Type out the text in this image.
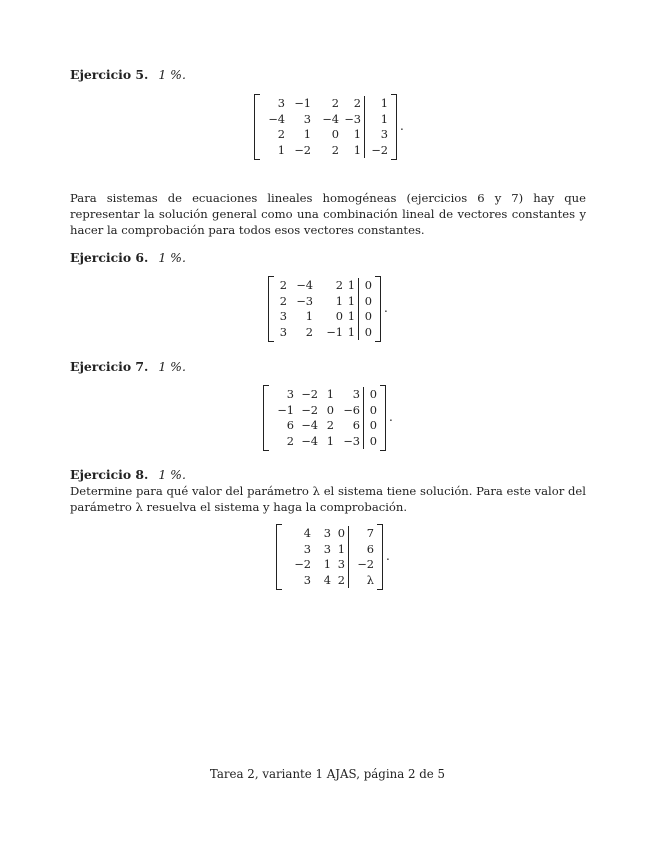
Ejercicio 5. 1 %.
3
−4
2
1
−1
3
1
−2
2
−4
0
2
2
−3
1
1
1
1
3
−2
.
Para sistemas de ecuaciones lineales homogéneas (ejercicios 6 y 7) hay que representar la solución general como una combinación lineal de vectores constantes y hacer la comprobación para todos esos vectores constantes.
Ejercicio 6. 1 %.
2
2
3
3
−4
−3
1
2
2
1
0
−1
1
1
1
1
0
0
0
0
.
Ejercicio 7. 1 %.
3
−1
6
2
−2
−2
−4
−4
1
0
2
1
3
−6
6
−3
0
0
0
0
.
Ejercicio 8. 1 %.
Determine para qué valor del parámetro λ el sistema tiene solución. Para este valor del parámetro λ resuelva el sistema y haga la comprobación.
4
3
−2
3
3
3
1
4
0
1
3
2
7
6
−2
λ
.
Tarea 2, variante 1 AJAS, página 2 de 5
